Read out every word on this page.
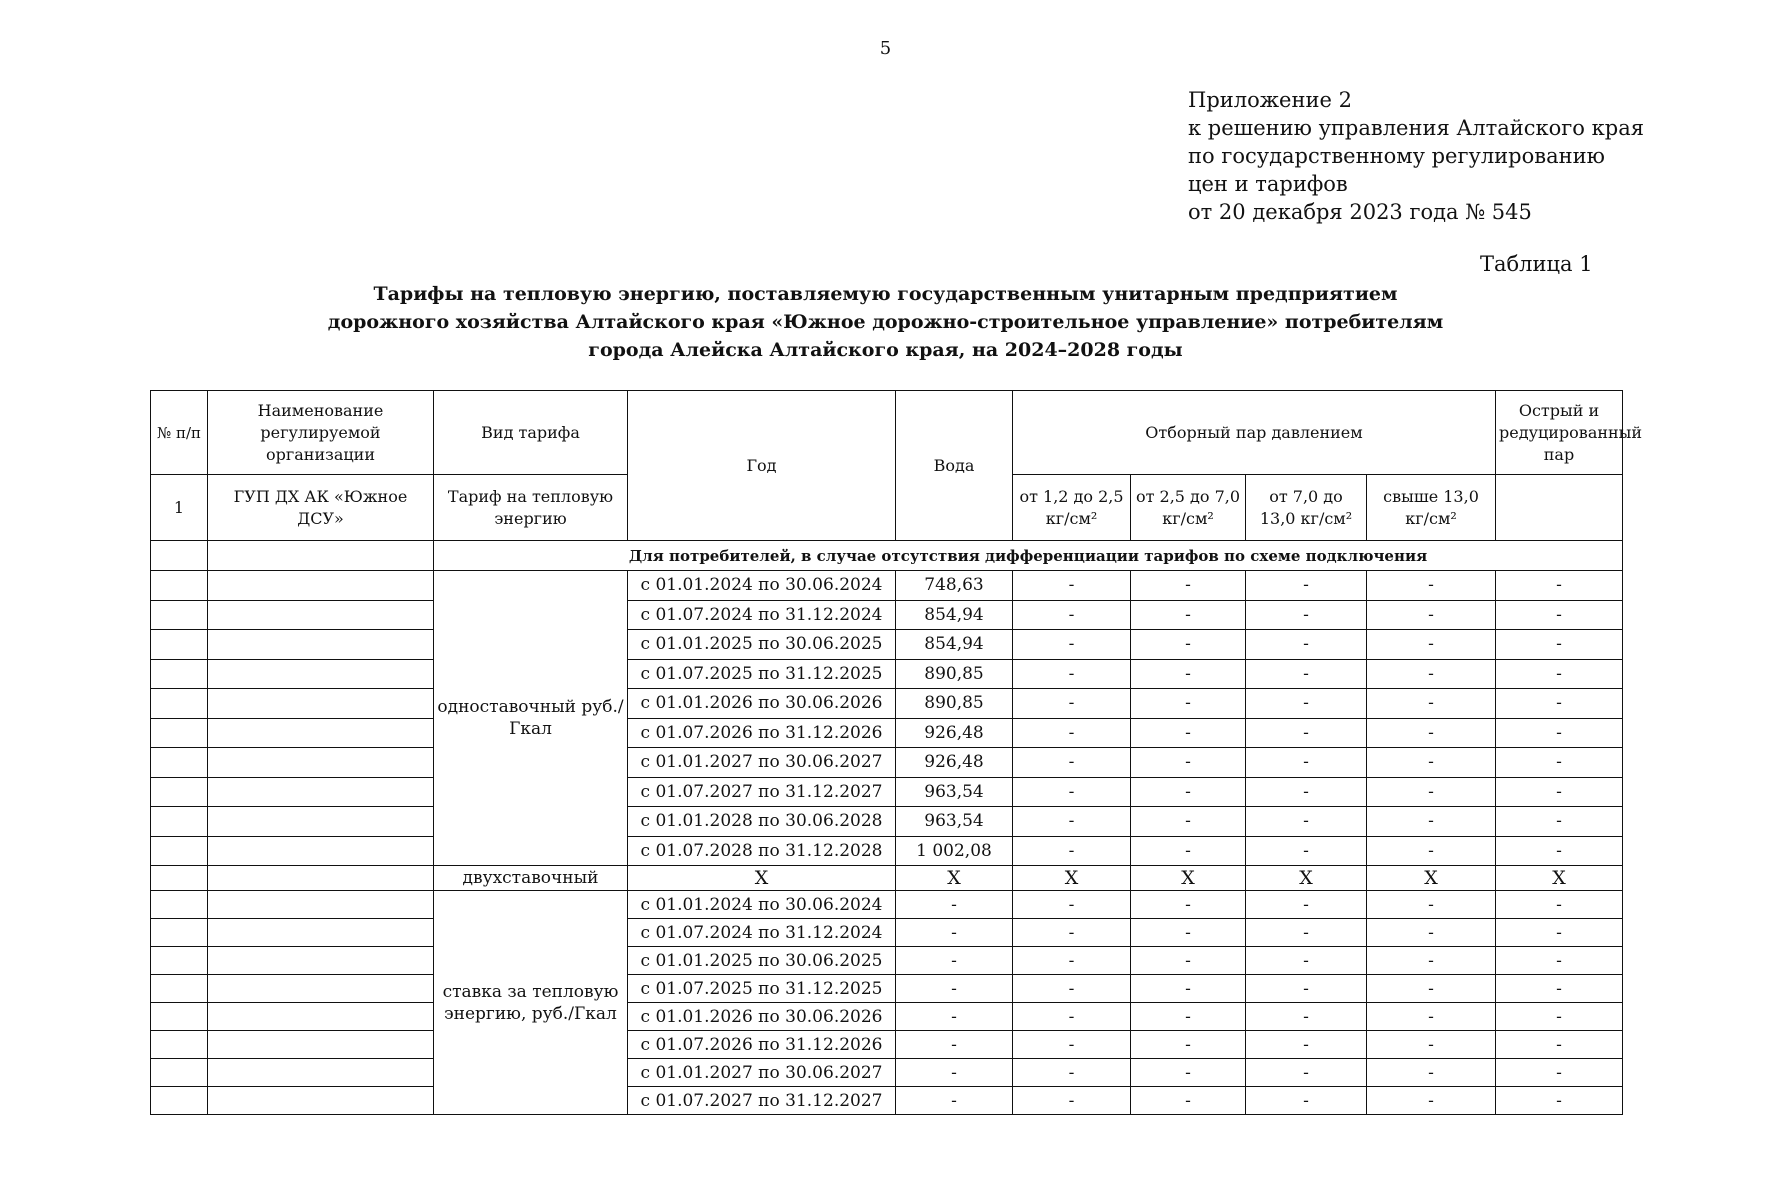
5
Приложение 2
к решению управления Алтайского края
по государственному регулированию
цен и тарифов
от 20 декабря 2023 года № 545
Таблица 1
Тарифы на тепловую энергию, поставляемую государственным унитарным предприятием
дорожного хозяйства Алтайского края «Южное дорожно-строительное управление» потребителям
города Алейска Алтайского края, на 2024–2028 годы
№ п/п	Наименование регулируемой организации	Вид тарифа	Год	Вода	Отборный пар давлением				Острый и редуцированный пар
1	ГУП ДХ АК «Южное ДСУ»	Тариф на тепловую энергию			от 1,2 до 2,5 кг/см²	от 2,5 до 7,0 кг/см²	от 7,0 до 13,0 кг/см²	свыше 13,0 кг/см²	
		Для потребителей, в случае отсутствия дифференциации тарифов по схеме подключения							
		одноставочный руб./Гкал	с 01.01.2024 по 30.06.2024	748,63	-	-	-	-	-
			с 01.07.2024 по 31.12.2024	854,94	-	-	-	-	-
			с 01.01.2025 по 30.06.2025	854,94	-	-	-	-	-
			с 01.07.2025 по 31.12.2025	890,85	-	-	-	-	-
			с 01.01.2026 по 30.06.2026	890,85	-	-	-	-	-
			с 01.07.2026 по 31.12.2026	926,48	-	-	-	-	-
			с 01.01.2027 по 30.06.2027	926,48	-	-	-	-	-
			с 01.07.2027 по 31.12.2027	963,54	-	-	-	-	-
			с 01.01.2028 по 30.06.2028	963,54	-	-	-	-	-
			с 01.07.2028 по 31.12.2028	1 002,08	-	-	-	-	-
		двухставочный	Х	Х	Х	Х	Х	Х	Х
		ставка за тепловую энергию, руб./Гкал	с 01.01.2024 по 30.06.2024	-	-	-	-	-	-
			с 01.07.2024 по 31.12.2024	-	-	-	-	-	-
			с 01.01.2025 по 30.06.2025	-	-	-	-	-	-
			с 01.07.2025 по 31.12.2025	-	-	-	-	-	-
			с 01.01.2026 по 30.06.2026	-	-	-	-	-	-
			с 01.07.2026 по 31.12.2026	-	-	-	-	-	-
			с 01.01.2027 по 30.06.2027	-	-	-	-	-	-
			с 01.07.2027 по 31.12.2027	-	-	-	-	-	-
